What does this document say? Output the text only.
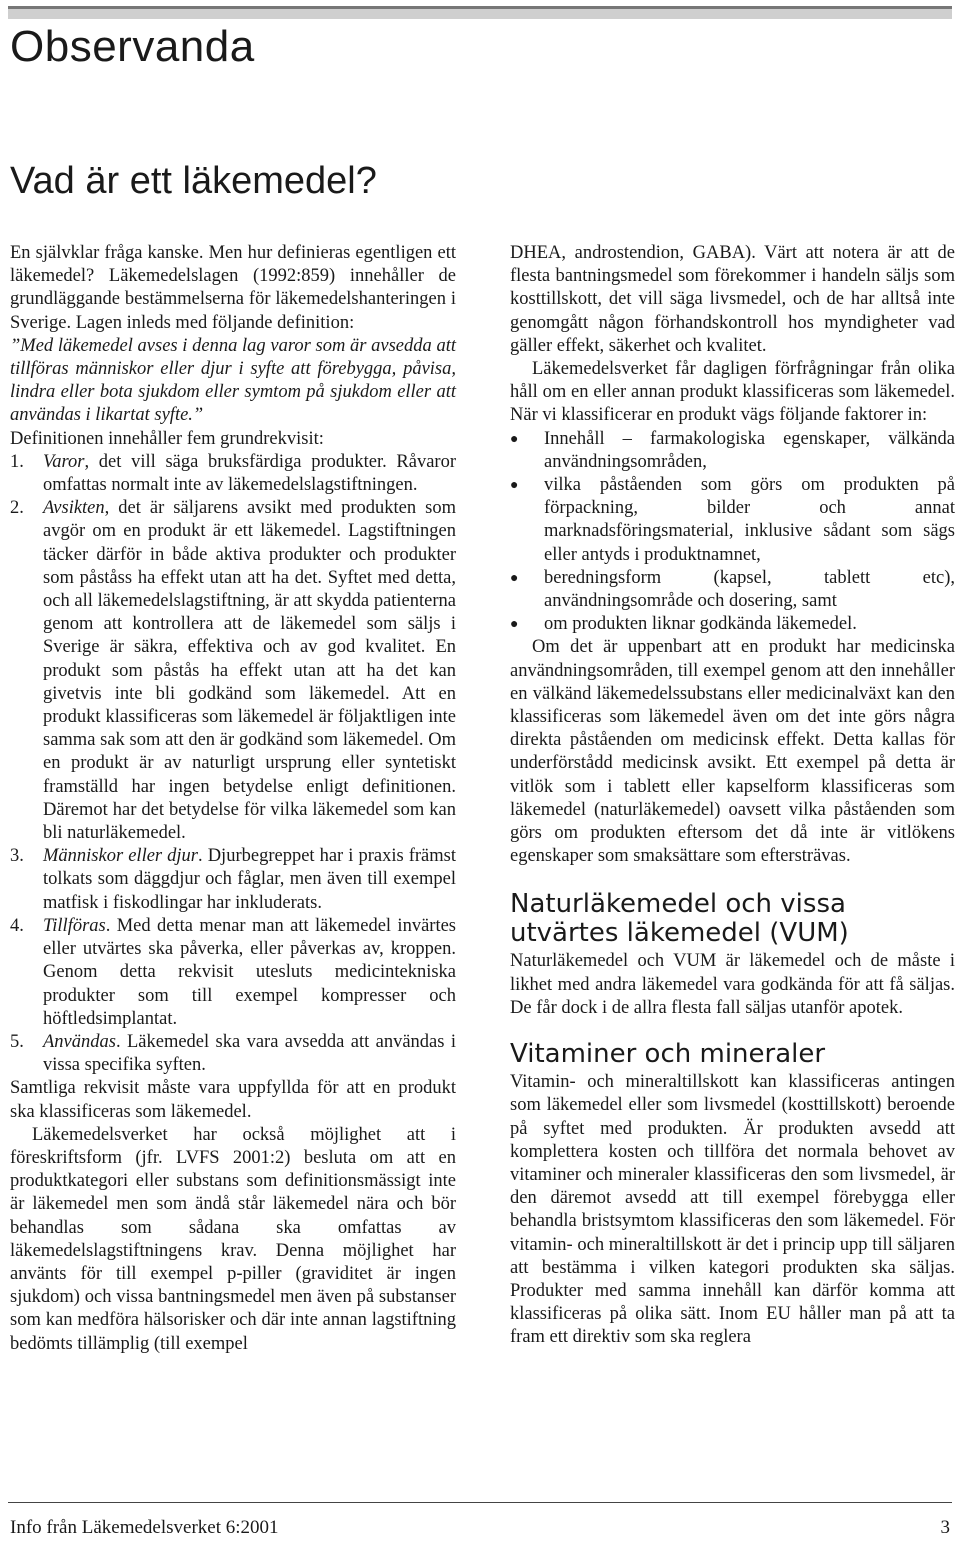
Observanda
Vad är ett läkemedel?

En självklar fråga kanske. Men hur definieras egentligen ett läkemedel? Läkemedelslagen (1992:859) innehåller de grundläggande bestämmelserna för läkemedelshanteringen i Sverige. Lagen inleds med följande definition:

”Med läkemedel avses i denna lag varor som är avsedda att tillföras människor eller djur i syfte att förebygga, påvisa, lindra eller bota sjukdom eller symtom på sjukdom eller att användas i likartat syfte.”

Definitionen innehåller fem grundrekvisit:

1.	Varor, det vill säga bruksfärdiga produkter. Råvaror omfattas normalt inte av läkemedelslagstiftningen.
2.	Avsikten, det är säljarens avsikt med produkten som avgör om en produkt är ett läkemedel. Lagstiftningen täcker därför in både aktiva produkter och produkter som påståss ha effekt utan att ha det. Syftet med detta, och all läkemedelslagstiftning, är att skydda patienterna genom att kontrollera att de läkemedel som säljs i Sverige är säkra, effektiva och av god kvalitet. En produkt som påstås ha effekt utan att ha det kan givetvis inte bli godkänd som läkemedel. Att en produkt klassificeras som läkemedel är följaktligen inte samma sak som att den är godkänd som läkemedel. Om en produkt är av naturligt ursprung eller syntetiskt framställd har ingen betydelse enligt definitionen. Däremot har det betydelse för vilka läkemedel som kan bli naturläkemedel.
3.	Människor eller djur. Djurbegreppet har i praxis främst tolkats som däggdjur och fåglar, men även till exempel matfisk i fiskodlingar har inkluderats.
4.	Tillföras. Med detta menar man att läkemedel invärtes eller utvärtes ska påverka, eller påverkas av, kroppen. Genom detta rekvisit utesluts medicintekniska produkter som till exempel kompresser och höftledsimplantat.
5.	Användas. Läkemedel ska vara avsedda att användas i vissa specifika syften.

Samtliga rekvisit måste vara uppfyllda för att en produkt ska klassificeras som läkemedel.

Läkemedelsverket har också möjlighet att i föreskriftsform (jfr. LVFS 2001:2) besluta om att en produktkategori eller substans som definitionsmässigt inte är läkemedel men som ändå står läkemedel nära och bör behandlas som sådana ska omfattas av läkemedelslagstiftningens krav. Denna möjlighet har använts för till exempel p-piller (graviditet är ingen sjukdom) och vissa bantningsmedel men även på substanser som kan medföra hälsorisker och där inte annan lagstiftning bedömts tillämplig (till exempel

DHEA, androstendion, GABA). Värt att notera är att de flesta bantningsmedel som förekommer i handeln säljs som kosttillskott, det vill säga livsmedel, och de har alltså inte genomgått någon förhandskontroll hos myndigheter vad gäller effekt, säkerhet och kvalitet.

Läkemedelsverket får dagligen förfrågningar från olika håll om en eller annan produkt klassificeras som läkemedel. När vi klassificerar en produkt vägs följande faktorer in:

●	Innehåll – farmakologiska egenskaper, välkända användningsområden,
●	vilka påståenden som görs om produkten på förpackning, bilder och annat marknadsföringsmaterial, inklusive sådant som sägs eller antyds i produktnamnet,
●	beredningsform (kapsel, tablett etc), användningsområde och dosering, samt
●	om produkten liknar godkända läkemedel.

Om det är uppenbart att en produkt har medicinska användningsområden, till exempel genom att den innehåller en välkänd läkemedelssubstans eller medicinalväxt kan den klassificeras som läkemedel även om det inte görs några direkta påståenden om medicinsk effekt. Detta kallas för underförstådd medicinsk avsikt. Ett exempel på detta är vitlök som i tablett eller kapselform klassificeras som läkemedel (naturläkemedel) oavsett vilka påståenden som görs om produkten eftersom det då inte är vitlökens egenskaper som smaksättare som eftersträvas.

Naturläkemedel och vissa utvärtes läkemedel (VUM)

Naturläkemedel och VUM är läkemedel och de måste i likhet med andra läkemedel vara godkända för att få säljas. De får dock i de allra flesta fall säljas utanför apotek.

Vitaminer och mineraler

Vitamin- och mineraltillskott kan klassificeras antingen som läkemedel eller som livsmedel (kosttillskott) beroende på syftet med produkten. Är produkten avsedd att komplettera kosten och tillföra det normala behovet av vitaminer och mineraler klassificeras den som livsmedel, är den däremot avsedd att till exempel förebygga eller behandla bristsymtom klassificeras den som läkemedel. För vitamin- och mineraltillskott är det i princip upp till säljaren att bestämma i vilken kategori produkten ska säljas. Produkter med samma innehåll kan därför komma att klassificeras på olika sätt. Inom EU håller man på att ta fram ett direktiv som ska reglera

Info från Läkemedelsverket 6:2001	3
